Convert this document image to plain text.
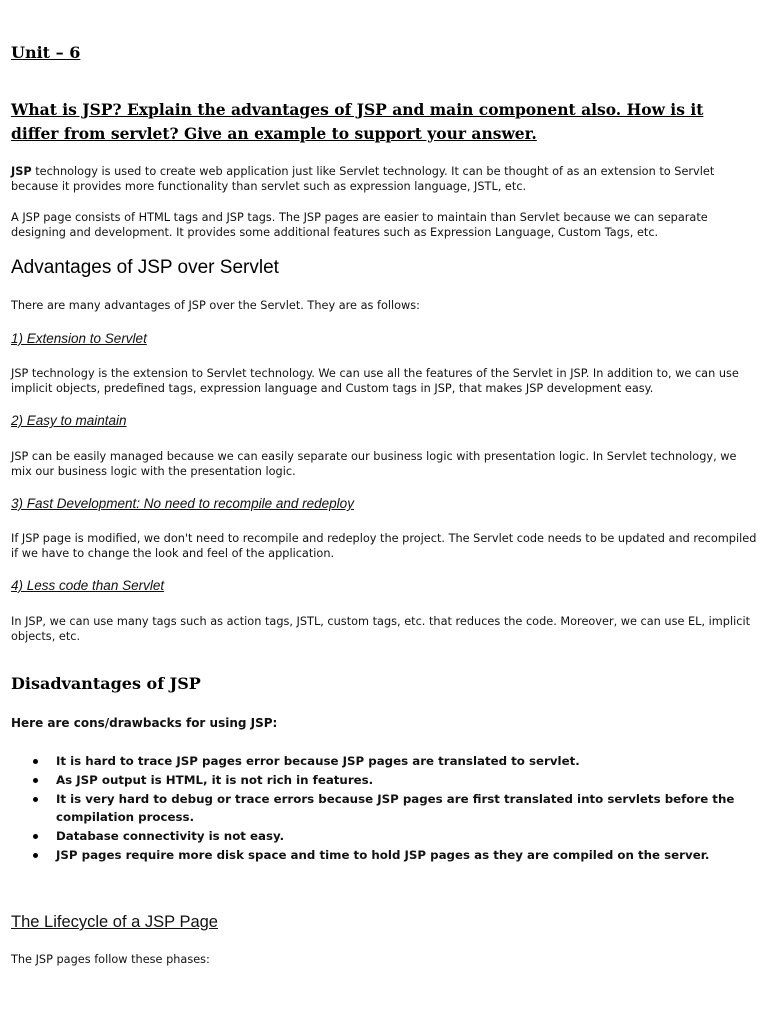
Unit – 6
What is JSP? Explain the advantages of JSP and main component also. How is it differ from servlet? Give an example to support your answer.

JSP technology is used to create web application just like Servlet technology. It can be thought of as an extension to Servlet because it provides more functionality than servlet such as expression language, JSTL, etc.

A JSP page consists of HTML tags and JSP tags. The JSP pages are easier to maintain than Servlet because we can separate designing and development. It provides some additional features such as Expression Language, Custom Tags, etc.

Advantages of JSP over Servlet

There are many advantages of JSP over the Servlet. They are as follows:

1) Extension to Servlet

JSP technology is the extension to Servlet technology. We can use all the features of the Servlet in JSP. In addition to, we can use implicit objects, predefined tags, expression language and Custom tags in JSP, that makes JSP development easy.

2) Easy to maintain

JSP can be easily managed because we can easily separate our business logic with presentation logic. In Servlet technology, we mix our business logic with the presentation logic.

3) Fast Development: No need to recompile and redeploy

If JSP page is modified, we don't need to recompile and redeploy the project. The Servlet code needs to be updated and recompiled if we have to change the look and feel of the application.

4) Less code than Servlet

In JSP, we can use many tags such as action tags, JSTL, custom tags, etc. that reduces the code. Moreover, we can use EL, implicit objects, etc.

Disadvantages of JSP

Here are cons/drawbacks for using JSP:

It is hard to trace JSP pages error because JSP pages are translated to servlet.
As JSP output is HTML, it is not rich in features.
It is very hard to debug or trace errors because JSP pages are first translated into servlets before the compilation process.
Database connectivity is not easy.
JSP pages require more disk space and time to hold JSP pages as they are compiled on the server.
The Lifecycle of a JSP Page

The JSP pages follow these phases:
